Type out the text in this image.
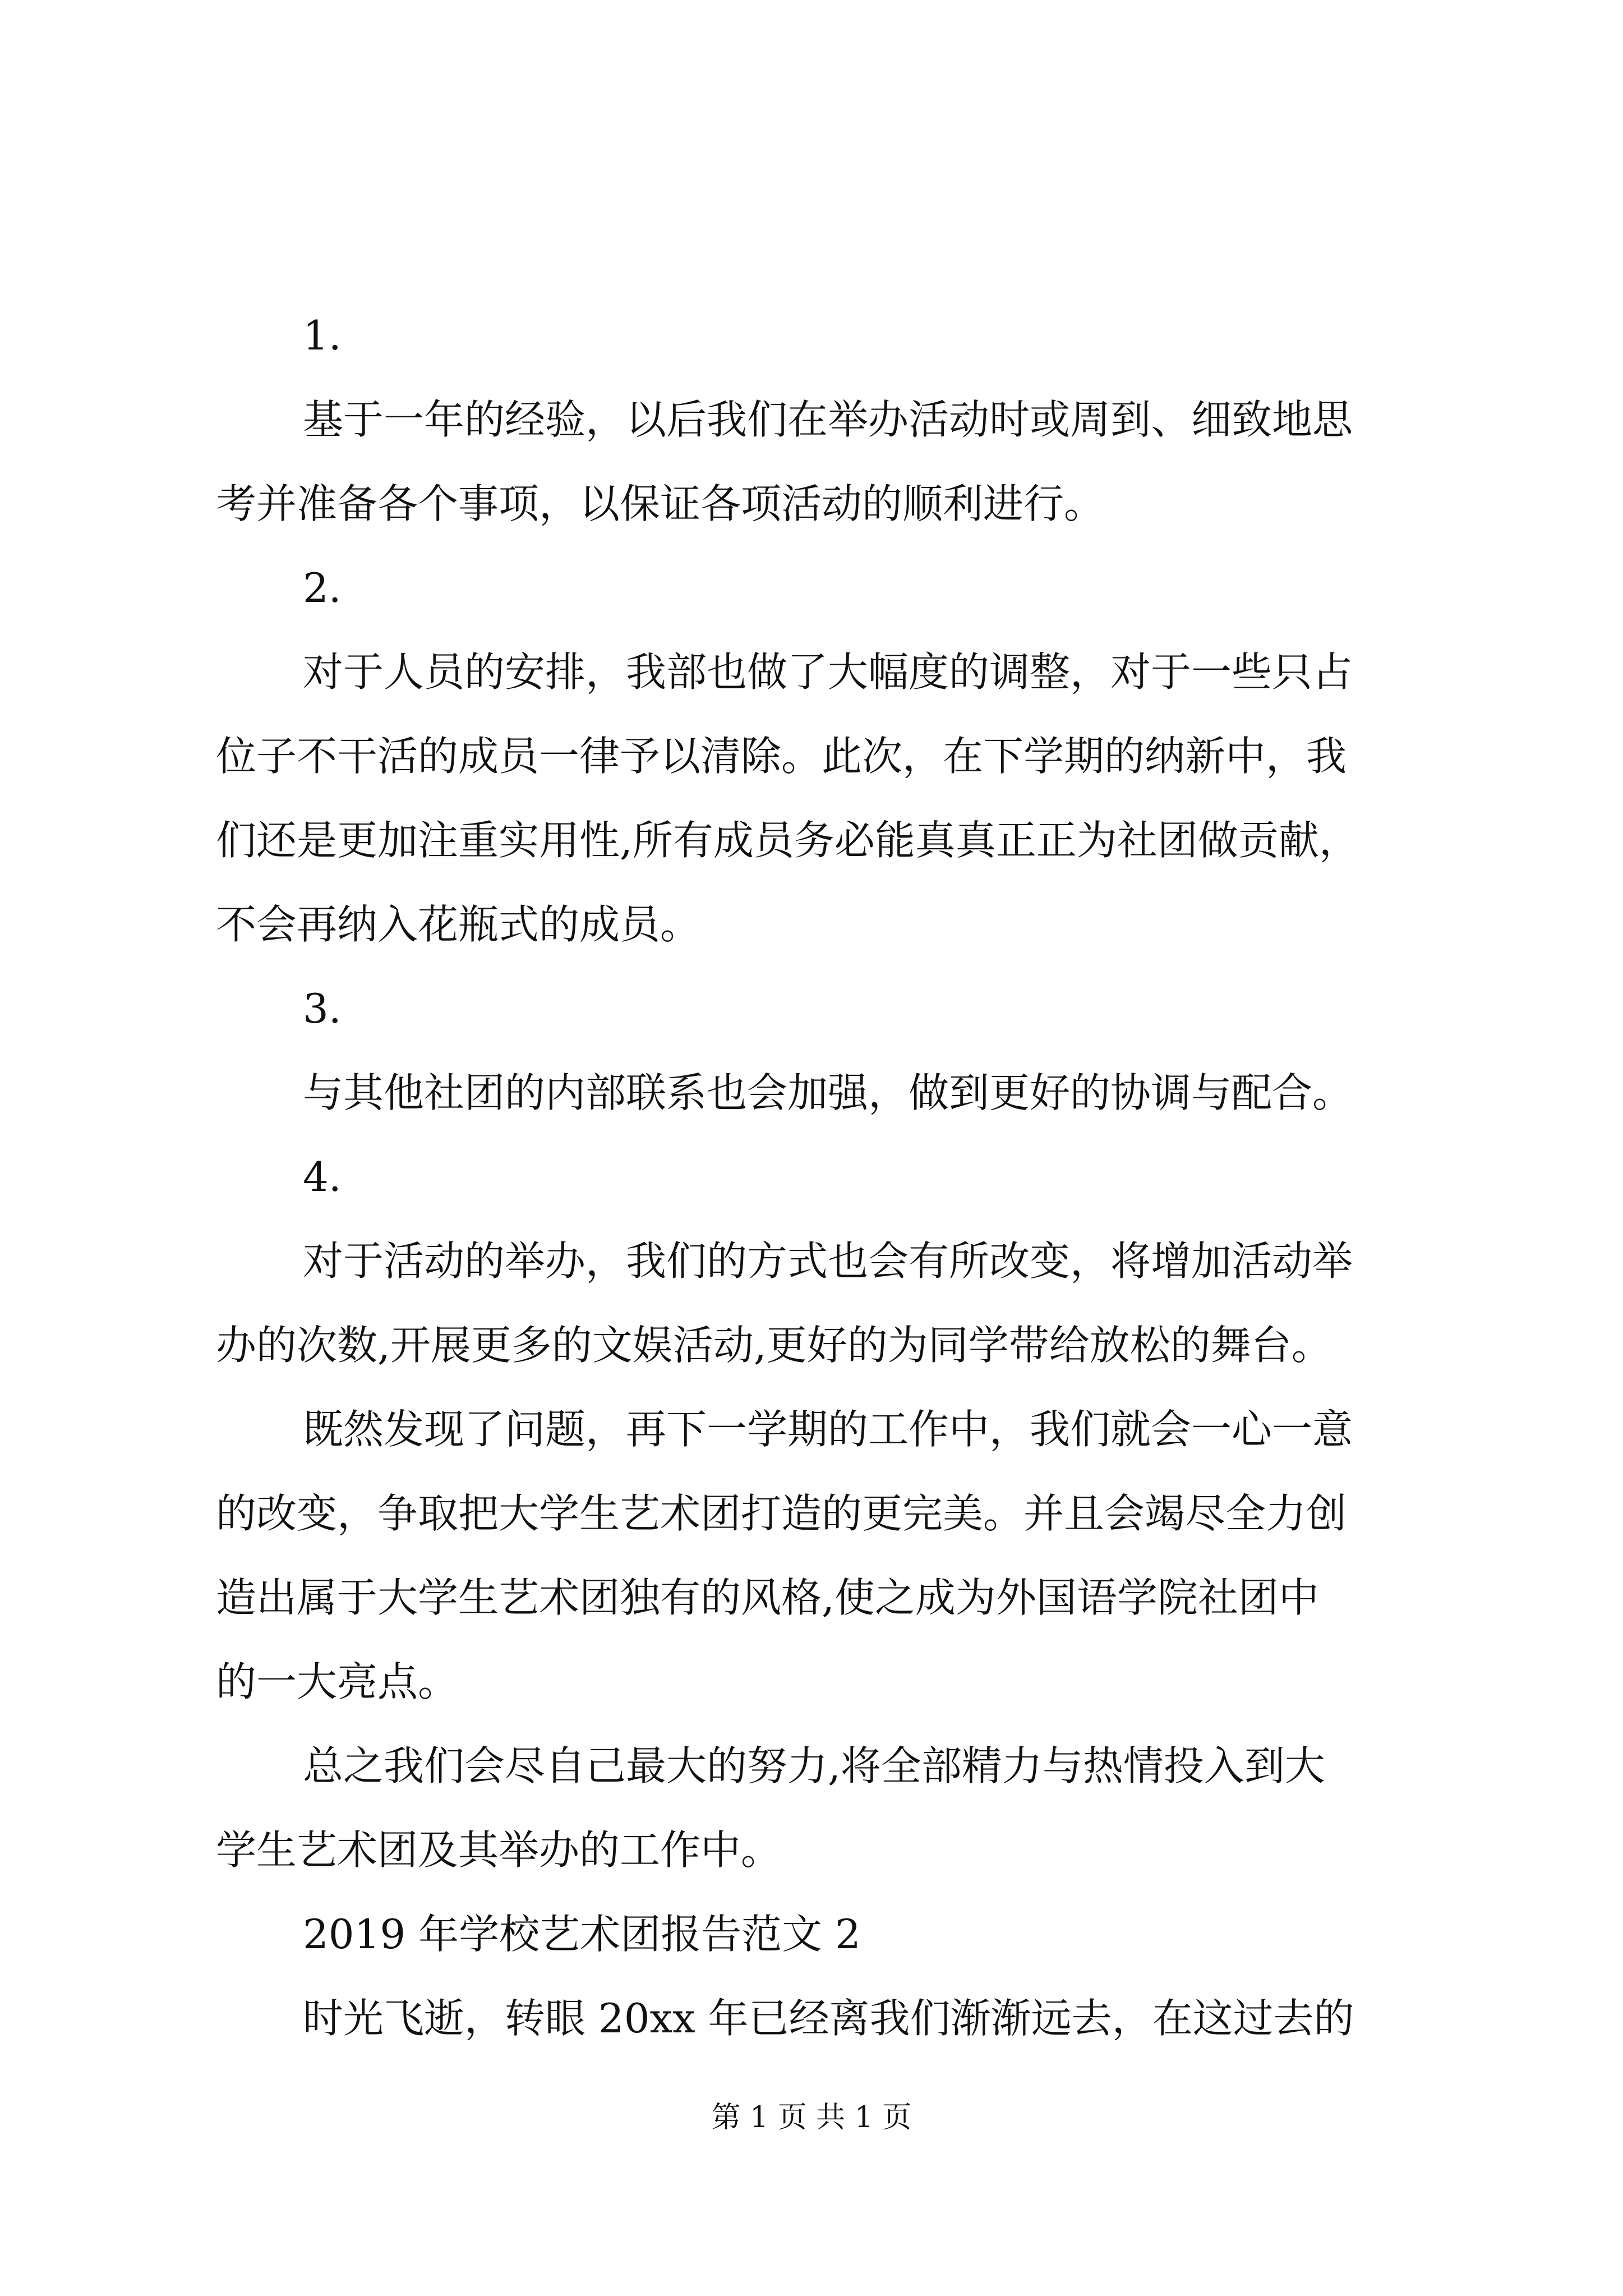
1.
基于一年的经验，以后我们在举办活动时或周到、细致地思
考并准备各个事项，以保证各项活动的顺利进行。
2.
对于人员的安排，我部也做了大幅度的调整，对于一些只占
位子不干活的成员一律予以清除。此次，在下学期的纳新中，我
们还是更加注重实用性,所有成员务必能真真正正为社团做贡献，
不会再纳入花瓶式的成员。
3.
与其他社团的内部联系也会加强，做到更好的协调与配合。
4.
对于活动的举办，我们的方式也会有所改变，将增加活动举
办的次数,开展更多的文娱活动,更好的为同学带给放松的舞台。
既然发现了问题，再下一学期的工作中，我们就会一心一意
的改变，争取把大学生艺术团打造的更完美。并且会竭尽全力创
造出属于大学生艺术团独有的风格,使之成为外国语学院社团中
的一大亮点。
总之我们会尽自己最大的努力,将全部精力与热情投入到大
学生艺术团及其举办的工作中。
2019 年学校艺术团报告范文 2
时光飞逝，转眼 20xx 年已经离我们渐渐远去，在这过去的
第 1 页 共 1 页
